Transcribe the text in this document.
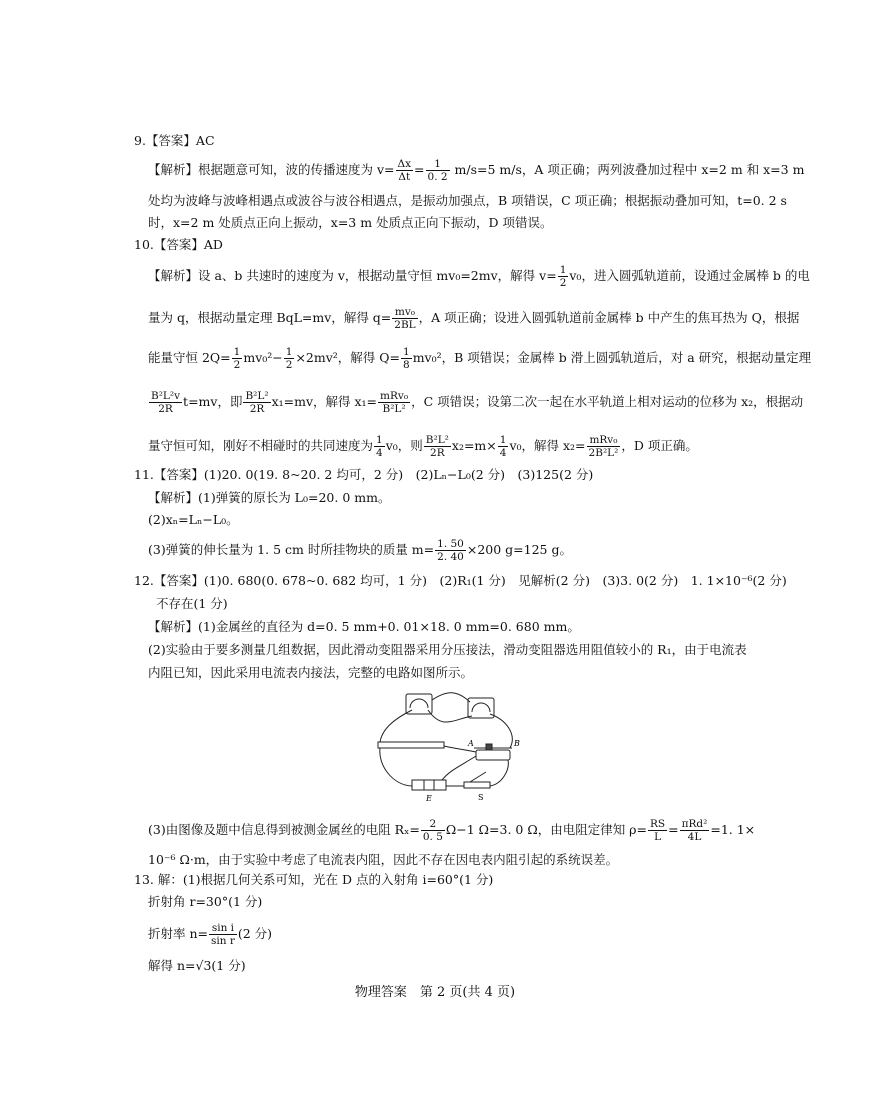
9.【答案】AC
【解析】根据题意可知，波的传播速度为 $v= \frac{\Delta x}{\Delta t} = \frac{1}{0. 2} m/s=5$ m/s，A 项正确；两列波叠加过程中 x=2 m 和 x=3 m
处均为波峰与波峰相遇点或波谷与波谷相遇点，是振动加强点，B 项错误，C 项正确；根据振动叠加可知，t=0. 2 s
时，x=2 m 处质点正向上振动，x=3 m 处质点正向下振动，D 项错误。
10.【答案】AD
【解析】设 a、b 共速时的速度为 v，根据动量守恒 mv₀=2mv，解得 $v= \frac{1}{2} v_0$，进入圆弧轨道前，设通过金属棒 b 的电
量为 q，根据动量定理 BqL=mv，解得 $q= \frac{\text{mv₀}}{2BL}$ ，A 项正确；设进入圆弧轨道前金属棒 b 中产生的焦耳热为 Q，根据
能量守恒 $2Q= \frac{1}{2} mv_0^2- \frac{1}{2} \times 2mv^2$，解得 $Q= \frac{1}{8} mv_0^2$，B 项错误；金属棒 b 滑上圆弧轨道后，对 a 研究，根据动量定理
$\frac{\text{B²L²v}}{2R} t=mv$，即 $\frac{\text{B²L²}}{2R} x_1=mv$，解得 $x_1= \frac{\text{mRv₀}}{\text{B²L²}}$ ，C 项错误；设第二次一起在水平轨道上相对运动的位移为 x₂，根据动
量守恒可知，刚好不相碰时的共同速度为 $\frac{1}{4} v_0$，则 $\frac{\text{B²L²}}{2R} x_2=m\times \frac{1}{4} v_0$，解得 $x_2= \frac{\text{mRv₀}}{\text{2B²L²}}$ ，D 项正确。
11.【答案】(1)20. 0(19. 8~20. 2 均可，2 分)　(2)Lₙ−L₀(2 分)　(3)125(2 分)
【解析】(1)弹簧的原长为 L₀=20. 0 mm。
(2)xₙ=Lₙ−L₀。
(3)弹簧的伸长量为 1. 5 cm 时所挂物块的质量 $m= \frac{1. 50}{2. 40} \times 200$ g=125 g。
12.【答案】(1)0. 680(0. 678~0. 682 均可，1 分)　(2)R₁(1 分)　见解析(2 分)　(3)3. 0(2 分)　1. 1×10⁻⁶(2 分)
不存在(1 分)
【解析】(1)金属丝的直径为 d=0. 5 mm+0. 01×18. 0 mm=0. 680 mm。
(2)实验由于要多测量几组数据，因此滑动变阻器采用分压接法，滑动变阻器选用阻值较小的 R₁，由于电流表
内阻已知，因此采用电流表内接法，完整的电路如图所示。
A	B
E	S
(3)由图像及题中信息得到被测金属丝的电阻 $R_x= \frac{2}{0. 5} \Omega-1$ Ω=3. 0 Ω，由电阻定律知 $\rho= \frac{RS}{L} = \frac{\text{πRd²}}{4L} =1$. 1×
10⁻⁶ Ω·m，由于实验中考虑了电流表内阻，因此不存在因电表内阻引起的系统误差。
13. 解：(1)根据几何关系可知，光在 D 点的入射角 i=60°(1 分)
折射角 r=30°(1 分)
折射率 $n= \frac{\text{sin i}}{\text{sin r}} (2$ 分)
解得 n=√3(1 分)
物理答案　第 2 页(共 4 页)
